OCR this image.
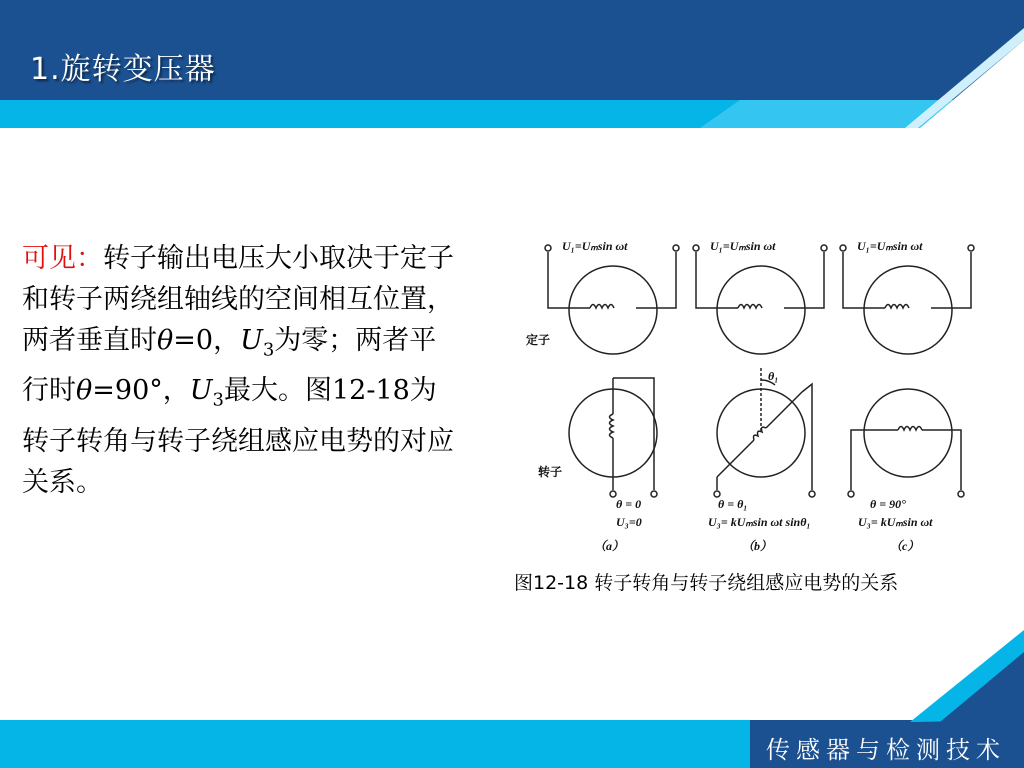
1.旋转变压器
可见：转子输出电压大小取决于定子和转子两绕组轴线的空间相互位置，两者垂直时θ=0，$U_3$为零；两者平行时θ=90°，$U_3$最大。图12-18为转子转角与转子绕组感应电势的对应关系。
U₁=Uₘsin ωt	U₁=Uₘsin ωt	U₁=Uₘsin ωt
定子
转子
θ₁
θ = 0
U₃=0
（a）
θ = θ₁
U₃= kUₘsin ωt sinθ₁
（b）
θ = 90°
U₃= kUₘsin ωt
（c）
图12-18 转子转角与转子绕组感应电势的关系
传感器与检测技术
